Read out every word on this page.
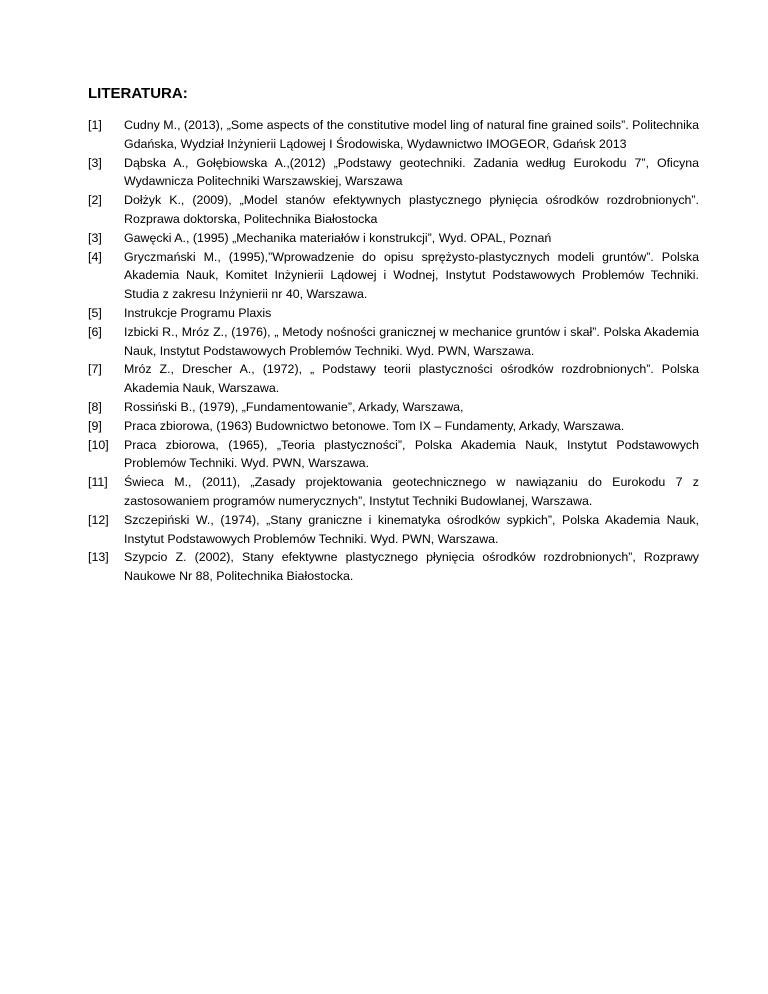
LITERATURA:
[1]	Cudny M., (2013), „Some aspects of the constitutive model ling of natural fine grained soils”. Politechnika Gdańska, Wydział Inżynierii Lądowej I Środowiska, Wydawnictwo IMOGEOR, Gdańsk 2013
[3]	Dąbska A., Gołębiowska A.,(2012) „Podstawy geotechniki. Zadania według Eurokodu 7”, Oficyna Wydawnicza Politechniki Warszawskiej, Warszawa
[2]	Dołżyk K., (2009), „Model stanów efektywnych plastycznego płynięcia ośrodków rozdrobnionych”. Rozprawa doktorska, Politechnika Białostocka
[3]	Gawęcki A., (1995) „Mechanika materiałów i konstrukcji”, Wyd. OPAL, Poznań
[4]	Gryczmański M., (1995),”Wprowadzenie do opisu sprężysto-plastycznych modeli gruntów”. Polska Akademia Nauk, Komitet Inżynierii Lądowej i Wodnej, Instytut Podstawowych Problemów Techniki. Studia z zakresu Inżynierii nr 40, Warszawa.
[5]	Instrukcje Programu Plaxis
[6]	Izbicki R., Mróz Z., (1976), „ Metody nośności granicznej w mechanice gruntów i skał”. Polska Akademia Nauk, Instytut Podstawowych Problemów Techniki. Wyd. PWN, Warszawa.
[7]	Mróz Z., Drescher A., (1972), „ Podstawy teorii plastyczności ośrodków rozdrobnionych”. Polska Akademia Nauk, Warszawa.
[8]	Rossiński B., (1979), „Fundamentowanie”, Arkady, Warszawa,
[9]	Praca zbiorowa, (1963) Budownictwo betonowe. Tom IX – Fundamenty, Arkady, Warszawa.
[10]	Praca zbiorowa, (1965), „Teoria plastyczności”, Polska Akademia Nauk, Instytut Podstawowych Problemów Techniki. Wyd. PWN, Warszawa.
[11]	Świeca M., (2011), „Zasady projektowania geotechnicznego w nawiązaniu do Eurokodu 7 z zastosowaniem programów numerycznych”, Instytut Techniki Budowlanej, Warszawa.
[12]	Szczepiński W., (1974), „Stany graniczne i kinematyka ośrodków sypkich”, Polska Akademia Nauk, Instytut Podstawowych Problemów Techniki. Wyd. PWN, Warszawa.
[13]	Szypcio Z. (2002), Stany efektywne plastycznego płynięcia ośrodków rozdrobnionych”, Rozprawy Naukowe Nr 88, Politechnika Białostocka.
